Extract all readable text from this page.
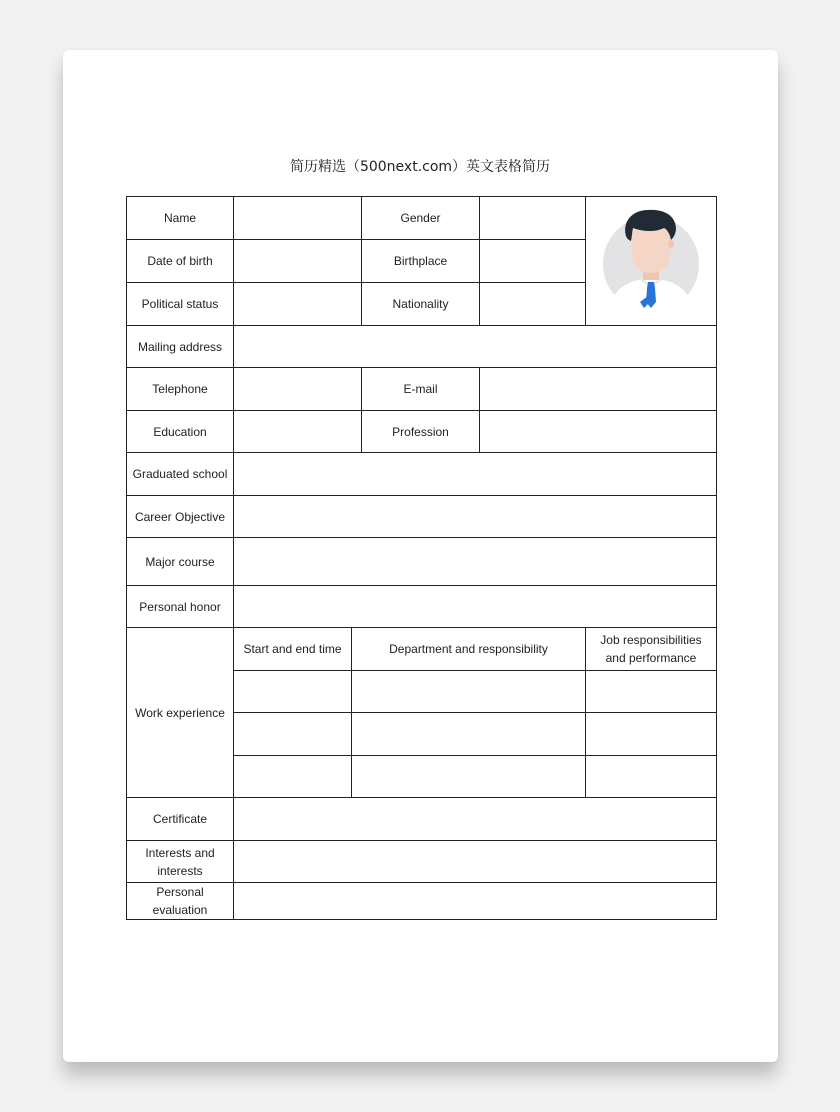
简历精选（500next.com）英文表格简历
Name			Gender		

Date of birth			Birthplace		
Political status			Nationality		
Mailing address					
Telephone			E-mail		
Education			Profession		
Graduated school					
Career Objective					
Major course					
Personal honor					
Work experience	Start and end time	Department and responsibility			Job responsibilities and performance

Certificate					
Interests and interests					
Personal evaluation					
